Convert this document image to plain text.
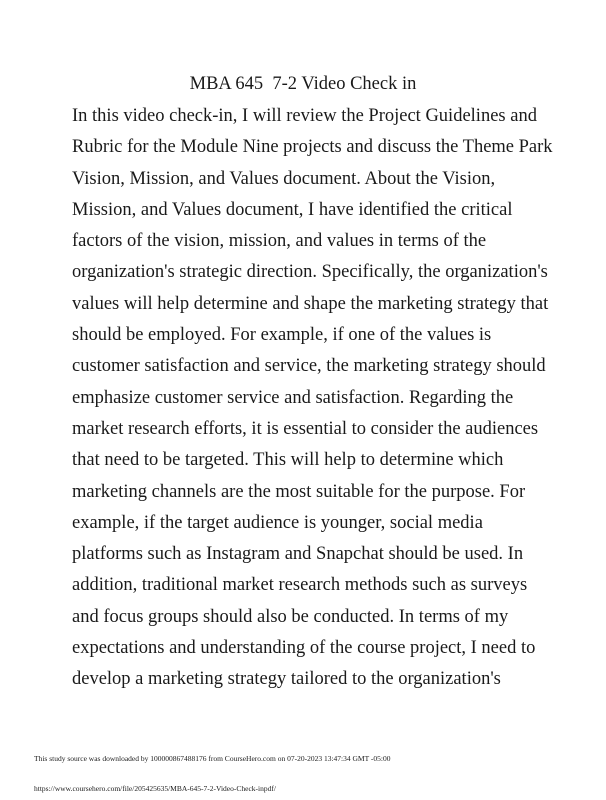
MBA 645  7-2 Video Check in
In this video check-in, I will review the Project Guidelines and
Rubric for the Module Nine projects and discuss the Theme Park
Vision, Mission, and Values document. About the Vision,
Mission, and Values document, I have identified the critical
factors of the vision, mission, and values in terms of the
organization's strategic direction. Specifically, the organization's
values will help determine and shape the marketing strategy that
should be employed. For example, if one of the values is
customer satisfaction and service, the marketing strategy should
emphasize customer service and satisfaction. Regarding the
market research efforts, it is essential to consider the audiences
that need to be targeted. This will help to determine which
marketing channels are the most suitable for the purpose. For
example, if the target audience is younger, social media
platforms such as Instagram and Snapchat should be used. In
addition, traditional market research methods such as surveys
and focus groups should also be conducted. In terms of my
expectations and understanding of the course project, I need to
develop a marketing strategy tailored to the organization's
This study source was downloaded by 100000867488176 from CourseHero.com on 07-20-2023 13:47:34 GMT -05:00
https://www.coursehero.com/file/205425635/MBA-645-7-2-Video-Check-inpdf/
